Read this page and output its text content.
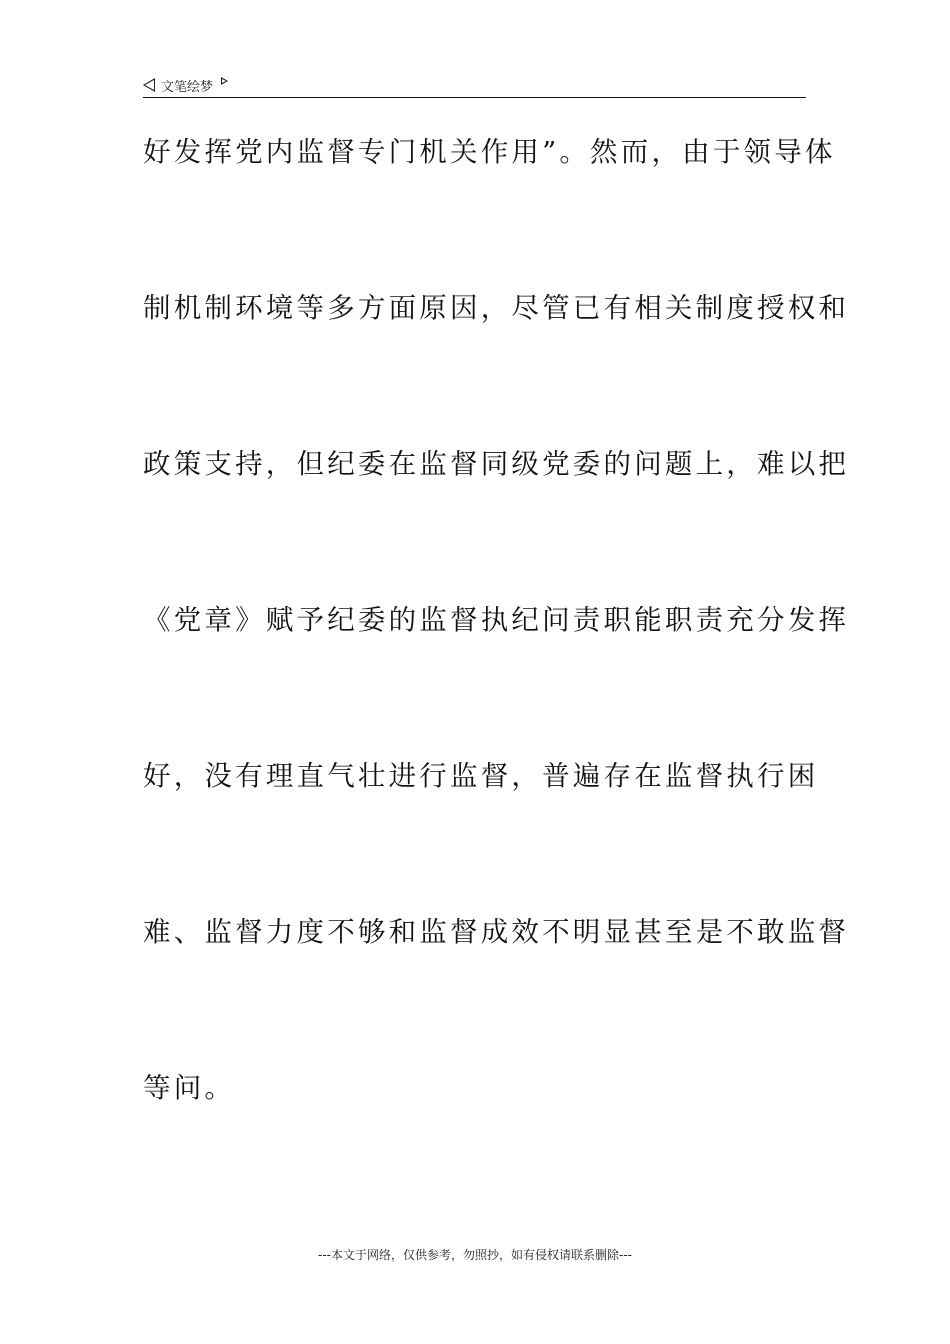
文笔绘梦
好发挥党内监督专门机关作用”。然而，由于领导体
制机制环境等多方面原因，尽管已有相关制度授权和
政策支持，但纪委在监督同级党委的问题上，难以把
《党章》赋予纪委的监督执纪问责职能职责充分发挥
好，没有理直气壮进行监督，普遍存在监督执行困
难、监督力度不够和监督成效不明显甚至是不敢监督
等问。
---本文于网络，仅供参考，勿照抄，如有侵权请联系删除---
